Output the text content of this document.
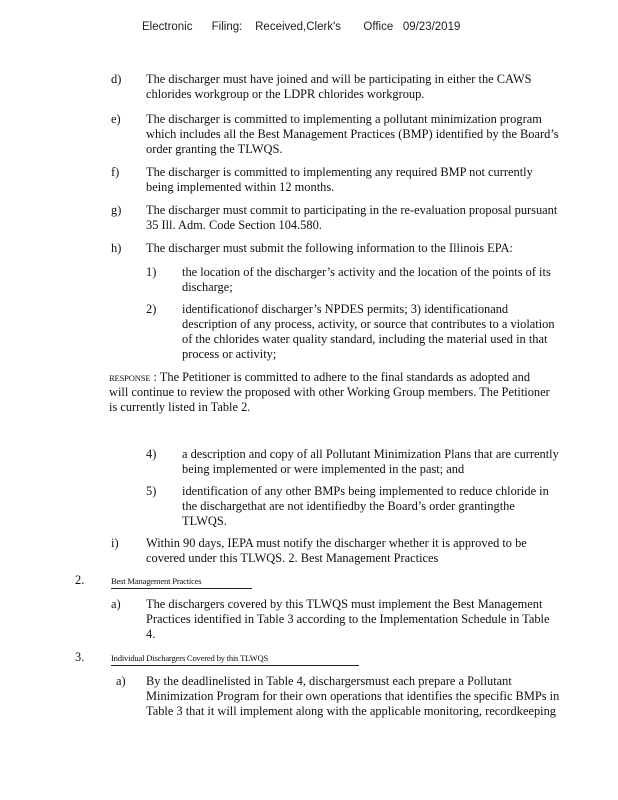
Electronic      Filing:    Received,Clerk's       Office   09/23/2019
d) The discharger must have joined and will be participating in either the CAWS
chlorides workgroup or the LDPR chlorides workgroup.
e) The discharger is committed to implementing a pollutant minimization program
which includes all the Best Management Practices (BMP) identified by the Board’s
order granting the TLWQS.
f) The discharger is committed to implementing any required BMP not currently
being implemented within 12 months.
g) The discharger must commit to participating in the re-evaluation proposal pursuant
35 Ill. Adm. Code Section 104.580.
h) The discharger must submit the following information to the Illinois EPA:
1) the location of the discharger’s activity and the location of the points of its
discharge;
2) identificationof discharger’s NPDES permits; 3) identificationand
description of any process, activity, or source that contributes to a violation
of the chlorides water quality standard, including the material used in that
process or activity;
RESPONSE : The Petitioner is committed to adhere to the final standards as adopted and
will continue to review the proposed with other Working Group members. The Petitioner
is currently listed in Table 2.
4) a description and copy of all Pollutant Minimization Plans that are currently
being implemented or were implemented in the past; and
5) identification of any other BMPs being implemented to reduce chloride in
the dischargethat are not identifiedby the Board’s order grantingthe
TLWQS.
i) Within 90 days, IEPA must notify the discharger whether it is approved to be
covered under this TLWQS. 2. Best Management Practices
2.	Best Management Practices
a) The dischargers covered by this TLWQS must implement the Best Management
Practices identified in Table 3 according to the Implementation Schedule in Table
4.
3.	Individual Dischargers Covered by this TLWQS
a) By the deadlinelisted in Table 4, dischargersmust each prepare a Pollutant
Minimization Program for their own operations that identifies the specific BMPs in
Table 3 that it will implement along with the applicable monitoring, recordkeeping
